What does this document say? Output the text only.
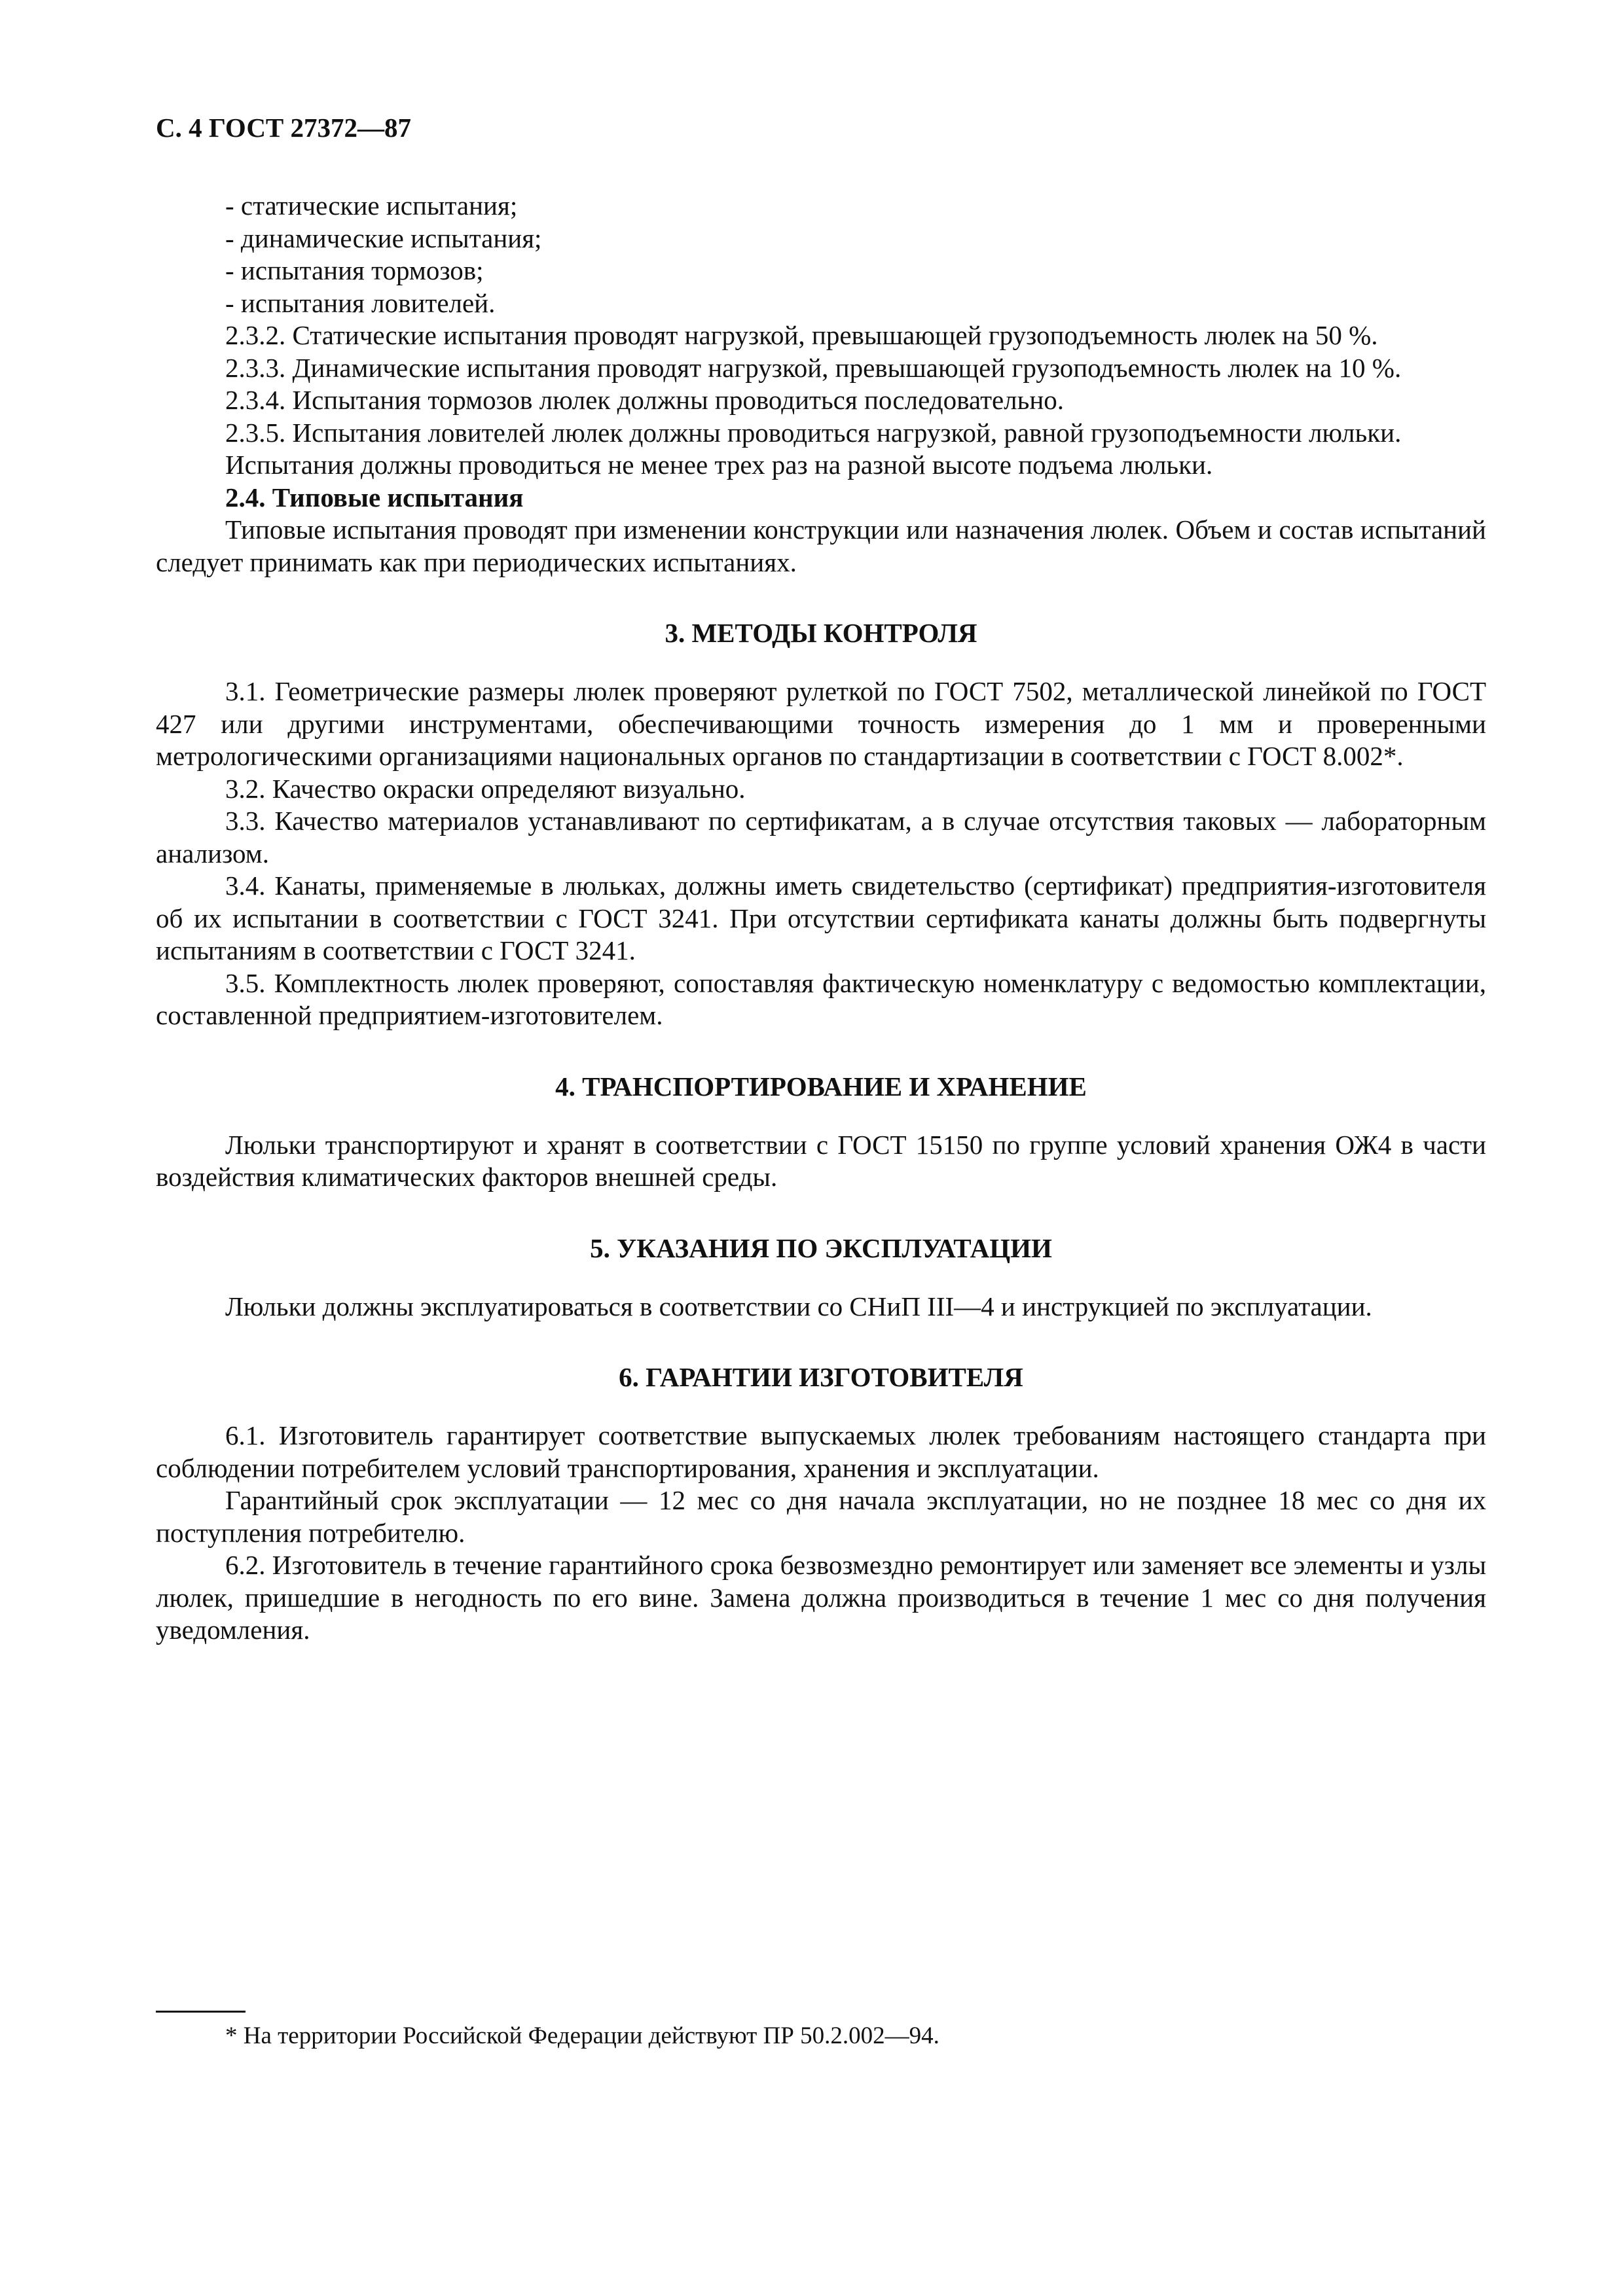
С. 4 ГОСТ 27372—87

- статические испытания;

- динамические испытания;

- испытания тормозов;

- испытания ловителей.

2.3.2. Статические испытания проводят нагрузкой, превышающей грузоподъемность люлек на 50 %.

2.3.3. Динамические испытания проводят нагрузкой, превышающей грузоподъемность люлек на 10 %.

2.3.4. Испытания тормозов люлек должны проводиться последовательно.

2.3.5. Испытания ловителей люлек должны проводиться нагрузкой, равной грузоподъемности люльки.

Испытания должны проводиться не менее трех раз на разной высоте подъема люльки.

2.4. Типовые испытания

Типовые испытания проводят при изменении конструкции или назначения люлек. Объем и состав испытаний следует принимать как при периодических испытаниях.

3. МЕТОДЫ КОНТРОЛЯ

3.1. Геометрические размеры люлек проверяют рулеткой по ГОСТ 7502, металлической линейкой по ГОСТ 427 или другими инструментами, обеспечивающими точность измерения до 1 мм и проверенными метрологическими организациями национальных органов по стандартизации в соответствии с ГОСТ 8.002*.

3.2. Качество окраски определяют визуально.

3.3. Качество материалов устанавливают по сертификатам, а в случае отсутствия таковых — лабораторным анализом.

3.4. Канаты, применяемые в люльках, должны иметь свидетельство (сертификат) предприятия-изготовителя об их испытании в соответствии с ГОСТ 3241. При отсутствии сертификата канаты должны быть подвергнуты испытаниям в соответствии с ГОСТ 3241.

3.5. Комплектность люлек проверяют, сопоставляя фактическую номенклатуру с ведомостью комплектации, составленной предприятием-изготовителем.

4. ТРАНСПОРТИРОВАНИЕ И ХРАНЕНИЕ

Люльки транспортируют и хранят в соответствии с ГОСТ 15150 по группе условий хранения ОЖ4 в части воздействия климатических факторов внешней среды.

5. УКАЗАНИЯ ПО ЭКСПЛУАТАЦИИ

Люльки должны эксплуатироваться в соответствии со СНиП III—4 и инструкцией по эксплуатации.

6. ГАРАНТИИ ИЗГОТОВИТЕЛЯ

6.1. Изготовитель гарантирует соответствие выпускаемых люлек требованиям настоящего стандарта при соблюдении потребителем условий транспортирования, хранения и эксплуатации.

Гарантийный срок эксплуатации — 12 мес со дня начала эксплуатации, но не позднее 18 мес со дня их поступления потребителю.

6.2. Изготовитель в течение гарантийного срока безвозмездно ремонтирует или заменяет все элементы и узлы люлек, пришедшие в негодность по его вине. Замена должна производиться в течение 1 мес со дня получения уведомления.

* На территории Российской Федерации действуют ПР 50.2.002—94.
